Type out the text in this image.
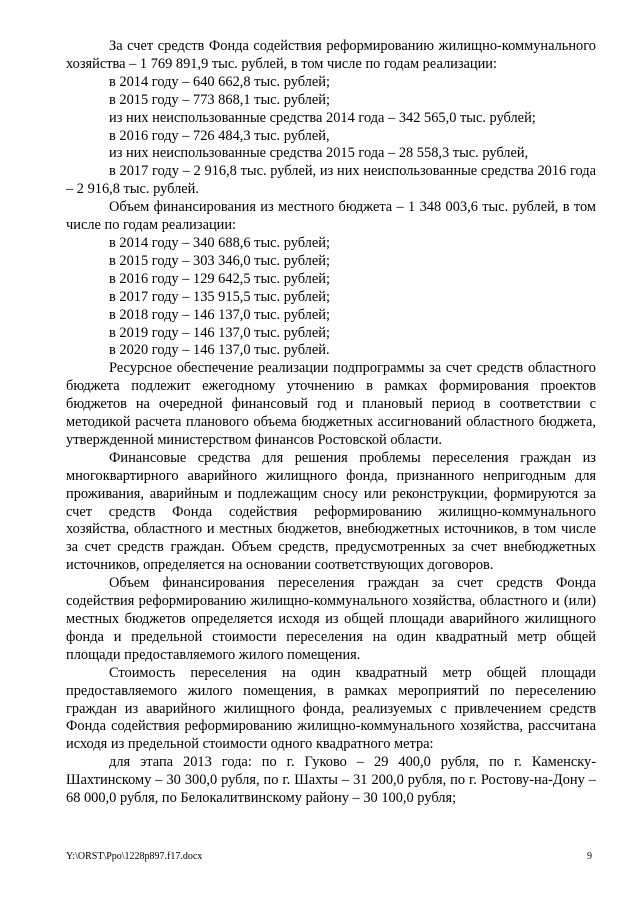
За счет средств Фонда содействия реформированию жилищно-коммунального хозяйства – 1 769 891,9 тыс. рублей, в том числе по годам реализации:

в 2014 году – 640 662,8 тыс. рублей;

в 2015 году – 773 868,1 тыс. рублей;

из них неиспользованные средства 2014 года – 342 565,0 тыс. рублей;

в 2016 году – 726 484,3 тыс. рублей,

из них неиспользованные средства 2015 года – 28 558,3 тыс. рублей,

в 2017 году – 2 916,8 тыс. рублей, из них неиспользованные средства 2016 года – 2 916,8 тыс. рублей.

Объем финансирования из местного бюджета – 1 348 003,6 тыс. рублей, в том числе по годам реализации:

в 2014 году – 340 688,6 тыс. рублей;

в 2015 году – 303 346,0 тыс. рублей;

в 2016 году – 129 642,5 тыс. рублей;

в 2017 году – 135 915,5 тыс. рублей;

в 2018 году – 146 137,0 тыс. рублей;

в 2019 году – 146 137,0 тыс. рублей;

в 2020 году – 146 137,0 тыс. рублей.

Ресурсное обеспечение реализации подпрограммы за счет средств областного бюджета подлежит ежегодному уточнению в рамках формирования проектов бюджетов на очередной финансовый год и плановый период в соответствии с методикой расчета планового объема бюджетных ассигнований областного бюджета, утвержденной министерством финансов Ростовской области.

Финансовые средства для решения проблемы переселения граждан из многоквартирного аварийного жилищного фонда, признанного непригодным для проживания, аварийным и подлежащим сносу или реконструкции, формируются за счет средств Фонда содействия реформированию жилищно-коммунального хозяйства, областного и местных бюджетов, внебюджетных источников, в том числе за счет средств граждан. Объем средств, предусмотренных за счет внебюджетных источников, определяется на основании соответствующих договоров.

Объем финансирования переселения граждан за счет средств Фонда содействия реформированию жилищно-коммунального хозяйства, областного и (или) местных бюджетов определяется исходя из общей площади аварийного жилищного фонда и предельной стоимости переселения на один квадратный метр общей площади предоставляемого жилого помещения.

Стоимость переселения на один квадратный метр общей площади предоставляемого жилого помещения, в рамках мероприятий по переселению граждан из аварийного жилищного фонда, реализуемых с привлечением средств Фонда содействия реформированию жилищно-коммунального хозяйства, рассчитана исходя из предельной стоимости одного квадратного метра:

для этапа 2013 года: по г. Гуково – 29 400,0 рубля, по г. Каменску-Шахтинскому – 30 300,0 рубля, по г. Шахты – 31 200,0 рубля, по г. Ростову-на-Дону – 68 000,0 рубля, по Белокалитвинскому району – 30 100,0 рубля;

Y:\ORST\Ppo\1228p897.f17.docx	9
